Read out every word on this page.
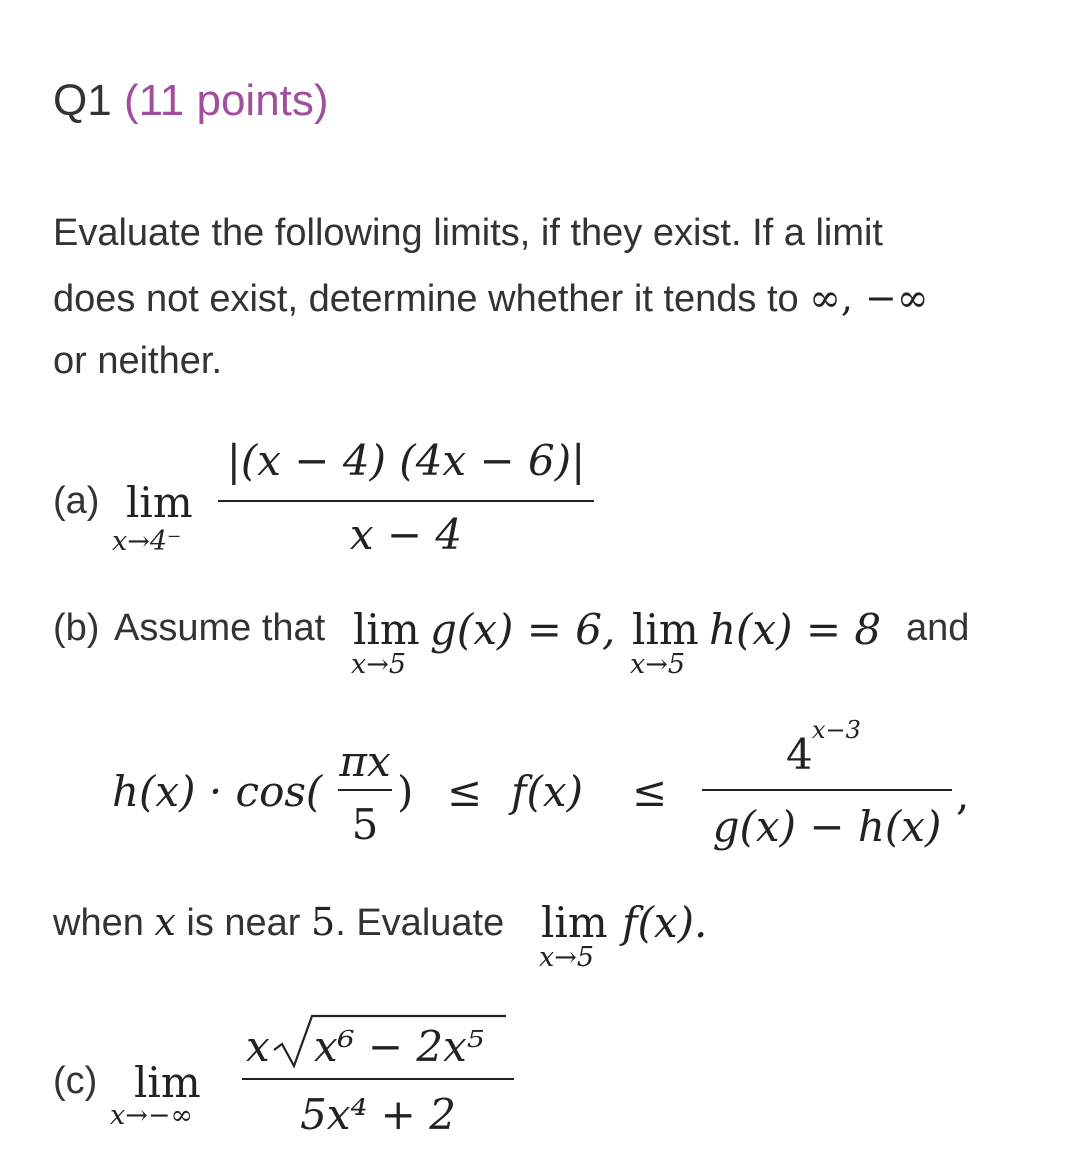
Q1 (11 points)
Evaluate the following limits, if they exist. If a limit
does not exist, determine whether it tends to ∞, −∞
or neither.
(a) lim
x→4⁻
|(x − 4) (4x − 6)|
x − 4
(b) Assume that lim
x→5
g(x) = 6, lim
x→5
h(x) = 8 and
h(x) · cos(
πx
5
) ≤ f(x) ≤
4 x−3
g(x) − h(x)
,
when x is near 5. Evaluate lim
x→5
f(x).
(c) lim
x→−∞
x x⁶ − 2x⁵
5x⁴ + 2
